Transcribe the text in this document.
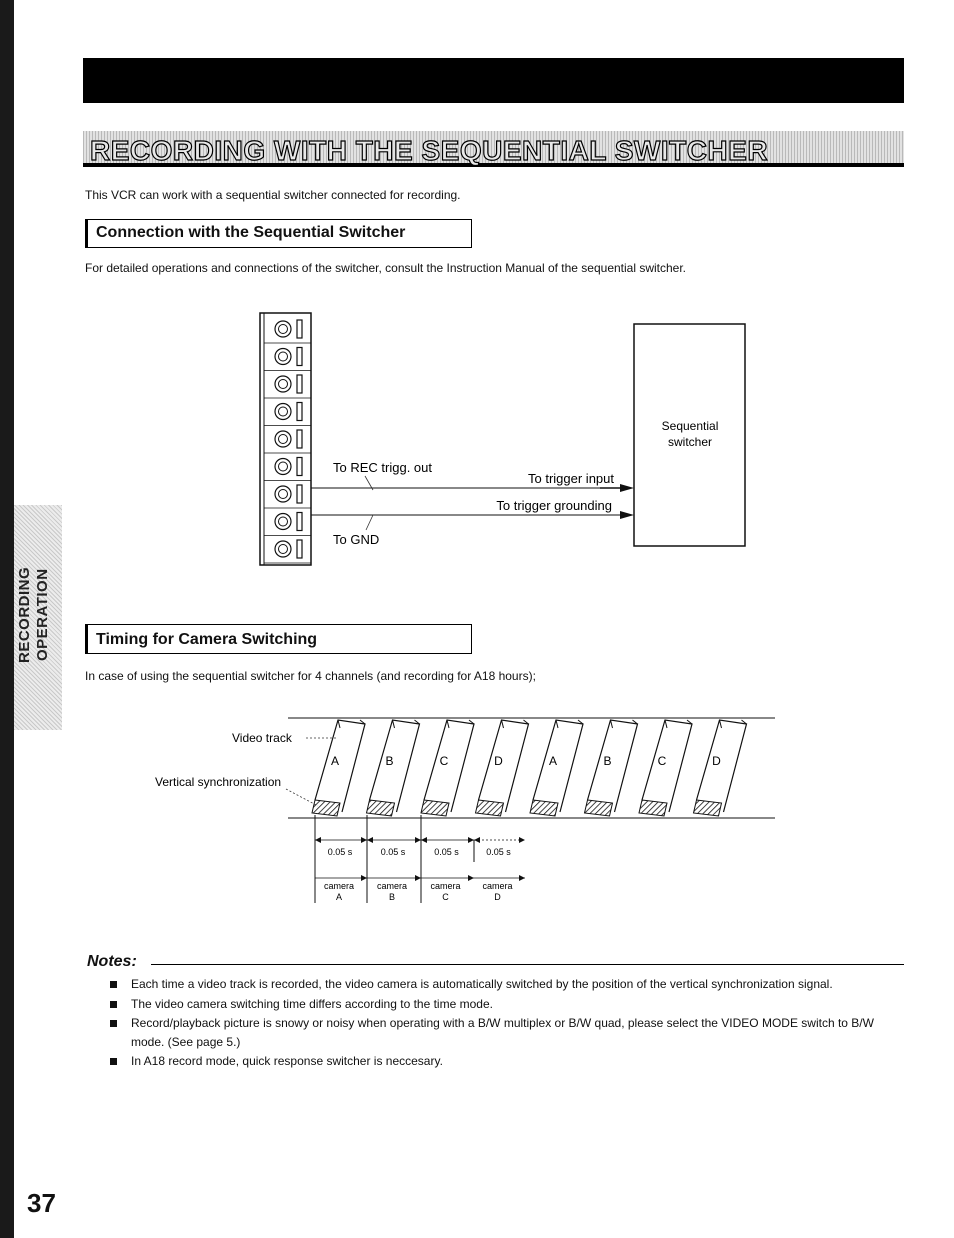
RECORDING OPERATION
RECORDING WITH THE SEQUENTIAL SWITCHER
This VCR can work with a sequential switcher connected for recording.
Connection with the Sequential Switcher
For detailed operations and connections of the switcher, consult the Instruction Manual of the sequential switcher.
Sequential
switcher
To REC trigg. out
To GND
To trigger input
To trigger grounding
Timing for Camera Switching
In case of using the sequential switcher for 4 channels (and recording for A18 hours);
A	B	C	D	A	B	C	D
Video track
Vertical synchronization
0.05 s	0.05 s	0.05 s	0.05 s
camera
A
camera
B
camera
C
camera
D
Notes:
Each time a video track is recorded, the video camera is automatically switched by the position of the vertical synchronization signal.
The video camera switching time differs according to the time mode.
Record/playback picture is snowy or noisy when operating with a B/W multiplex or B/W quad, please select the VIDEO MODE switch to B/W mode. (See page 5.)
In A18 record mode, quick response switcher is neccesary.
37
